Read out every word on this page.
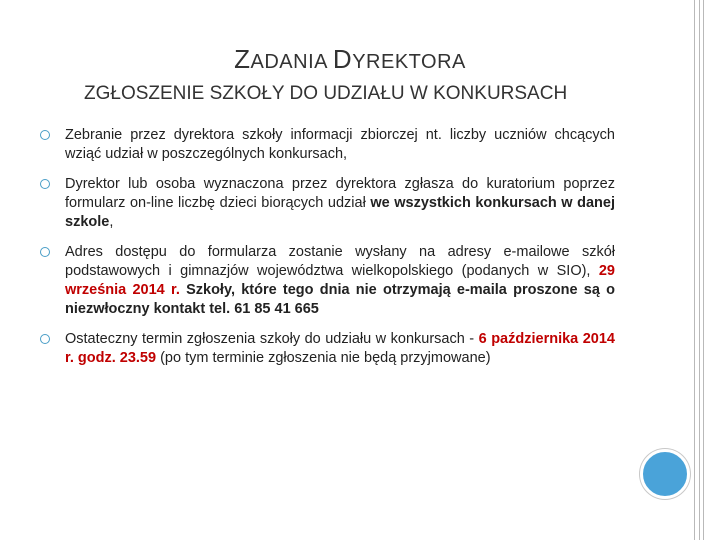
ZADANIA DYREKTORA
ZGŁOSZENIE SZKOŁY DO UDZIAŁU W KONKURSACH
Zebranie przez dyrektora szkoły informacji zbiorczej nt. liczby uczniów chcących wziąć udział w poszczególnych konkursach,
Dyrektor lub osoba wyznaczona przez dyrektora zgłasza do kuratorium poprzez formularz on-line liczbę dzieci biorących udział we wszystkich konkursach w danej szkole,
Adres dostępu do formularza zostanie wysłany na adresy e-mailowe szkół podstawowych i gimnazjów województwa wielkopolskiego (podanych w SIO), 29 września 2014 r. Szkoły, które tego dnia nie otrzymają e-maila proszone są o niezwłoczny kontakt tel. 61 85 41 665
Ostateczny termin zgłoszenia szkoły do udziału w konkursach - 6 października 2014 r. godz. 23.59 (po tym terminie zgłoszenia nie będą przyjmowane)
